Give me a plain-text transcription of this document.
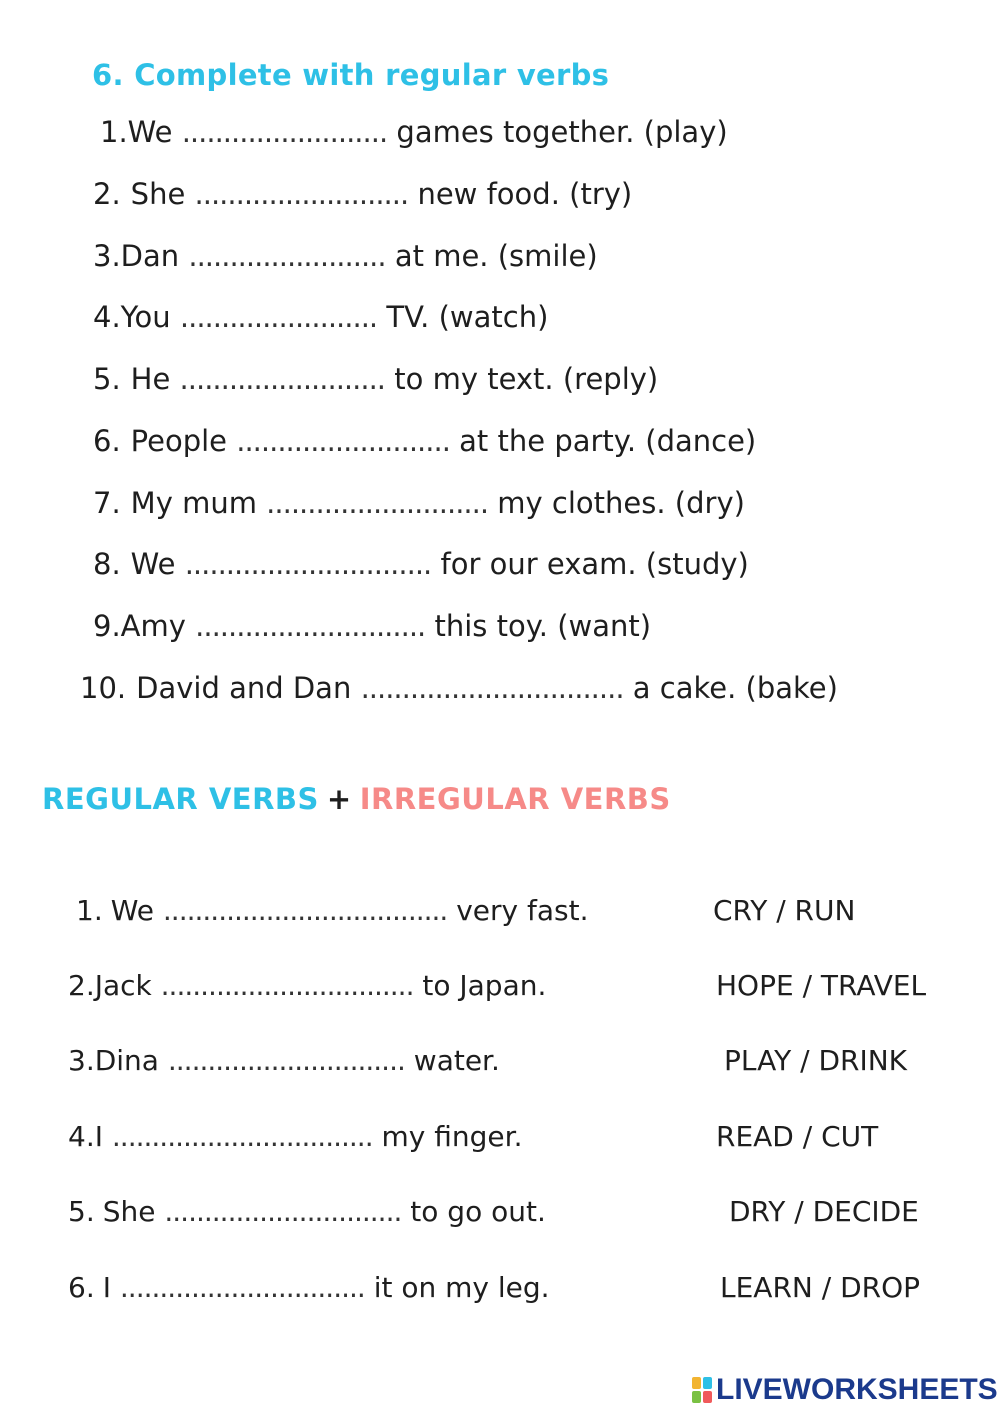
6. Complete with regular verbs
1.We ......................... games together. (play)
2. She .......................... new food. (try)
3.Dan ........................ at me. (smile)
4.You ........................ TV. (watch)
5. He ......................... to my text. (reply)
6. People .......................... at the party. (dance)
7. My mum ........................... my clothes. (dry)
8. We .............................. for our exam. (study)
9.Amy ............................ this toy. (want)
10. David and Dan ................................ a cake. (bake)
REGULAR VERBS + IRREGULAR VERBS
1. We .................................... very fast.	CRY / RUN
2.Jack ................................ to Japan.	HOPE / TRAVEL
3.Dina .............................. water.	PLAY / DRINK
4.I ................................. my finger.	READ / CUT
5. She .............................. to go out.	DRY / DECIDE
6. I ............................... it on my leg.	LEARN / DROP
LIVEWORKSHEETS
